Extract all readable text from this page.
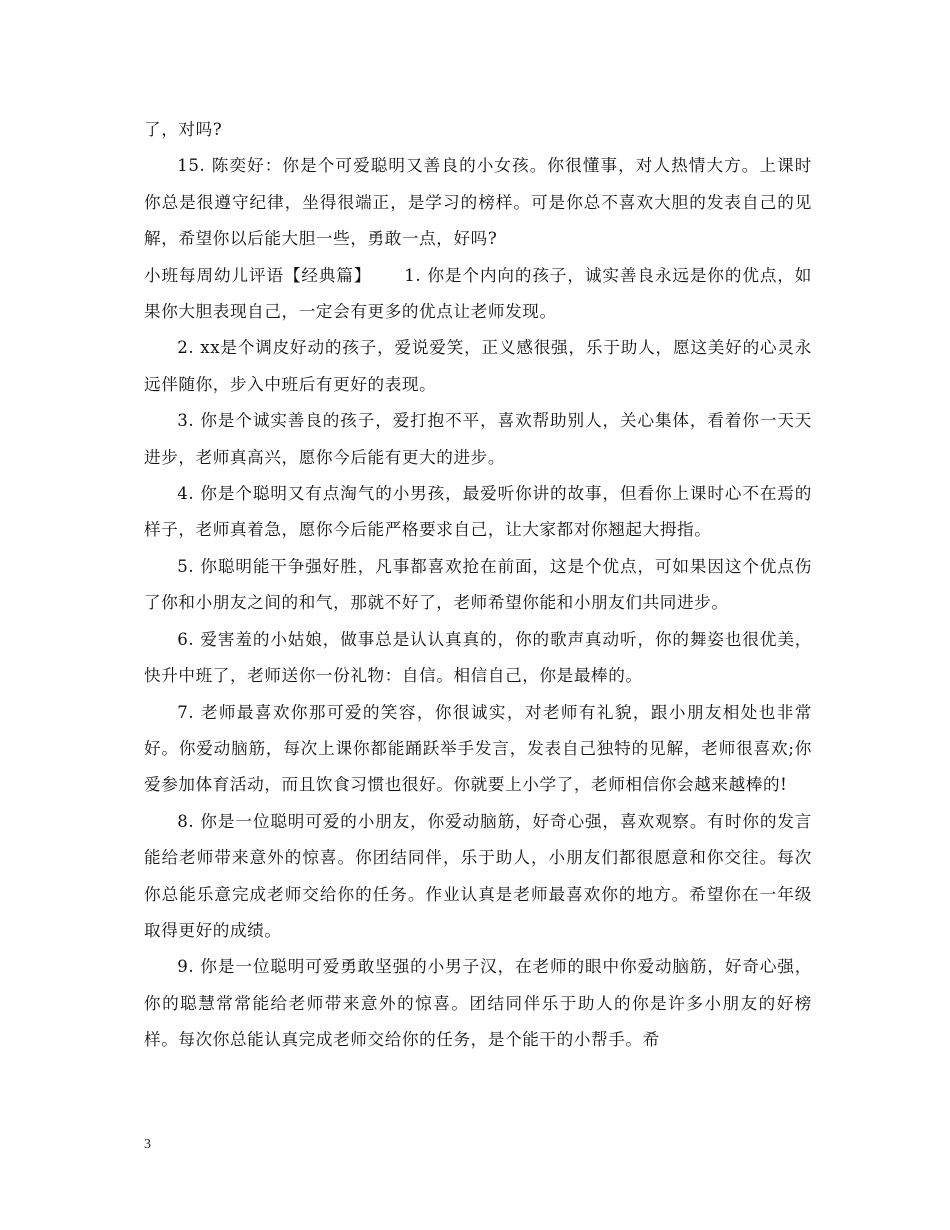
了，对吗?

15. 陈奕好：你是个可爱聪明又善良的小女孩。你很懂事，对人热情大方。上课时你总是很遵守纪律，坐得很端正，是学习的榜样。可是你总不喜欢大胆的发表自己的见解，希望你以后能大胆一些，勇敢一点，好吗?

小班每周幼儿评语【经典篇】　　 1. 你是个内向的孩子，诚实善良永远是你的优点，如果你大胆表现自己，一定会有更多的优点让老师发现。

2. xx是个调皮好动的孩子，爱说爱笑，正义感很强，乐于助人，愿这美好的心灵永远伴随你，步入中班后有更好的表现。

3. 你是个诚实善良的孩子，爱打抱不平，喜欢帮助别人，关心集体，看着你一天天进步，老师真高兴，愿你今后能有更大的进步。

4. 你是个聪明又有点淘气的小男孩，最爱听你讲的故事，但看你上课时心不在焉的样子，老师真着急，愿你今后能严格要求自己，让大家都对你翘起大拇指。

5. 你聪明能干争强好胜，凡事都喜欢抢在前面，这是个优点，可如果因这个优点伤了你和小朋友之间的和气，那就不好了，老师希望你能和小朋友们共同进步。

6. 爱害羞的小姑娘，做事总是认认真真的，你的歌声真动听，你的舞姿也很优美，快升中班了，老师送你一份礼物：自信。相信自己，你是最棒的。

7. 老师最喜欢你那可爱的笑容，你很诚实，对老师有礼貌，跟小朋友相处也非常好。你爱动脑筋，每次上课你都能踊跃举手发言，发表自己独特的见解，老师很喜欢;你爱参加体育活动，而且饮食习惯也很好。你就要上小学了，老师相信你会越来越棒的!

8. 你是一位聪明可爱的小朋友，你爱动脑筋，好奇心强，喜欢观察。有时你的发言能给老师带来意外的惊喜。你团结同伴，乐于助人，小朋友们都很愿意和你交往。每次你总能乐意完成老师交给你的任务。作业认真是老师最喜欢你的地方。希望你在一年级取得更好的成绩。

9. 你是一位聪明可爱勇敢坚强的小男子汉，在老师的眼中你爱动脑筋，好奇心强，你的聪慧常常能给老师带来意外的惊喜。团结同伴乐于助人的你是许多小朋友的好榜样。每次你总能认真完成老师交给你的任务，是个能干的小帮手。希

3
